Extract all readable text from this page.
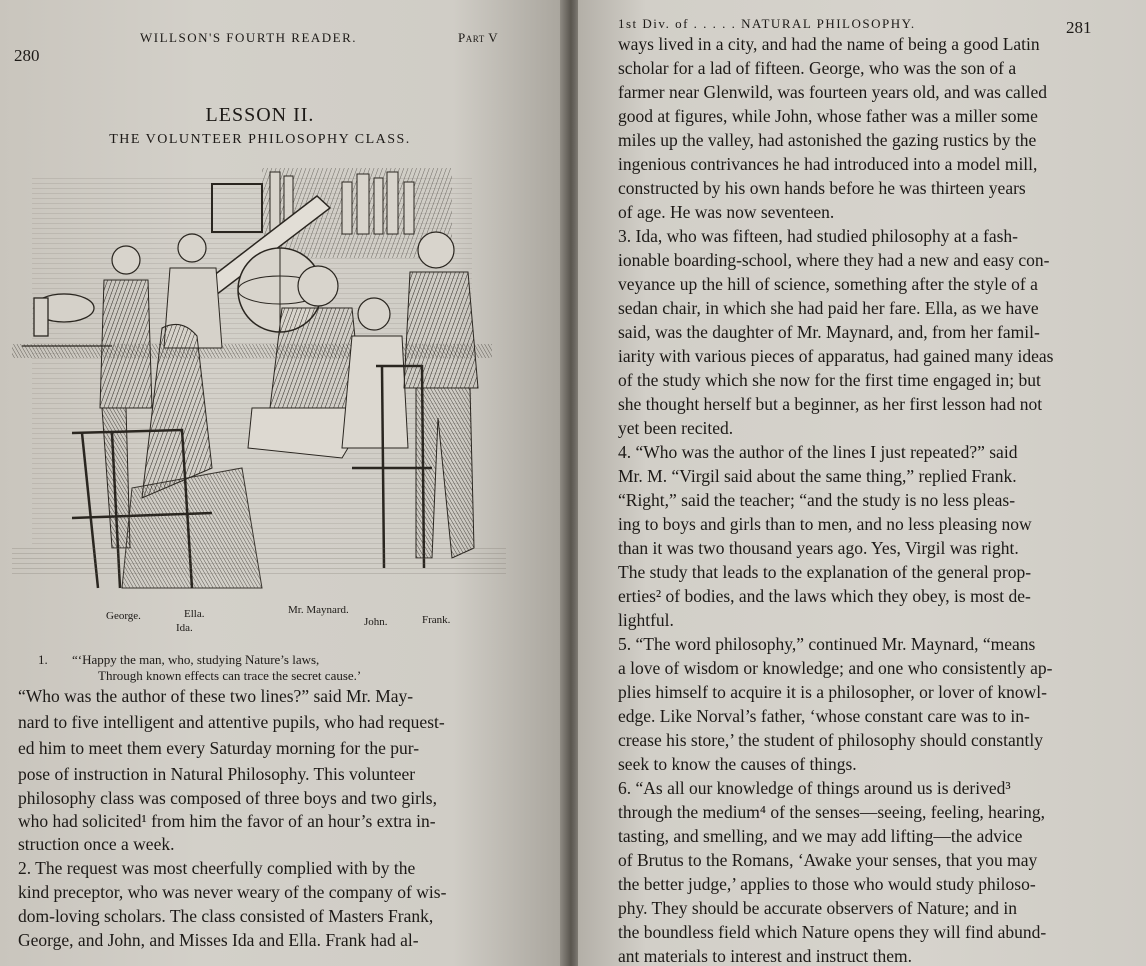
280
WILLSON'S FOURTH READER.	Part V
LESSON II.
THE VOLUNTEER PHILOSOPHY CLASS.
George.	Ella.
Ida.
Mr. Maynard.
John.	Frank.
1. “‘Happy the man, who, studying Nature’s laws,
Through known effects can trace the secret cause.’
“Who was the author of these two lines?” said Mr. May-
nard to five intelligent and attentive pupils, who had request-
ed him to meet them every Saturday morning for the pur-
pose of instruction in Natural Philosophy. This volunteer
philosophy class was composed of three boys and two girls,
who had solicited¹ from him the favor of an hour’s extra in-
struction once a week.
2. The request was most cheerfully complied with by the
kind preceptor, who was never weary of the company of wis-
dom-loving scholars. The class consisted of Masters Frank,
George, and John, and Misses Ida and Ella. Frank had al-
1st Div. of . . . . . NATURAL PHILOSOPHY.	281
ways lived in a city, and had the name of being a good Latin
scholar for a lad of fifteen. George, who was the son of a
farmer near Glenwild, was fourteen years old, and was called
good at figures, while John, whose father was a miller some
miles up the valley, had astonished the gazing rustics by the
ingenious contrivances he had introduced into a model mill,
constructed by his own hands before he was thirteen years
of age. He was now seventeen.
3. Ida, who was fifteen, had studied philosophy at a fash-
ionable boarding-school, where they had a new and easy con-
veyance up the hill of science, something after the style of a
sedan chair, in which she had paid her fare. Ella, as we have
said, was the daughter of Mr. Maynard, and, from her famil-
iarity with various pieces of apparatus, had gained many ideas
of the study which she now for the first time engaged in; but
she thought herself but a beginner, as her first lesson had not
yet been recited.
4. “Who was the author of the lines I just repeated?” said
Mr. M. “Virgil said about the same thing,” replied Frank.
“Right,” said the teacher; “and the study is no less pleas-
ing to boys and girls than to men, and no less pleasing now
than it was two thousand years ago. Yes, Virgil was right.
The study that leads to the explanation of the general prop-
erties² of bodies, and the laws which they obey, is most de-
lightful.
5. “The word philosophy,” continued Mr. Maynard, “means
a love of wisdom or knowledge; and one who consistently ap-
plies himself to acquire it is a philosopher, or lover of knowl-
edge. Like Norval’s father, ‘whose constant care was to in-
crease his store,’ the student of philosophy should constantly
seek to know the causes of things.
6. “As all our knowledge of things around us is derived³
through the medium⁴ of the senses—seeing, feeling, hearing,
tasting, and smelling, and we may add lifting—the advice
of Brutus to the Romans, ‘Awake your senses, that you may
the better judge,’ applies to those who would study philoso-
phy. They should be accurate observers of Nature; and in
the boundless field which Nature opens they will find abund-
ant materials to interest and instruct them.
